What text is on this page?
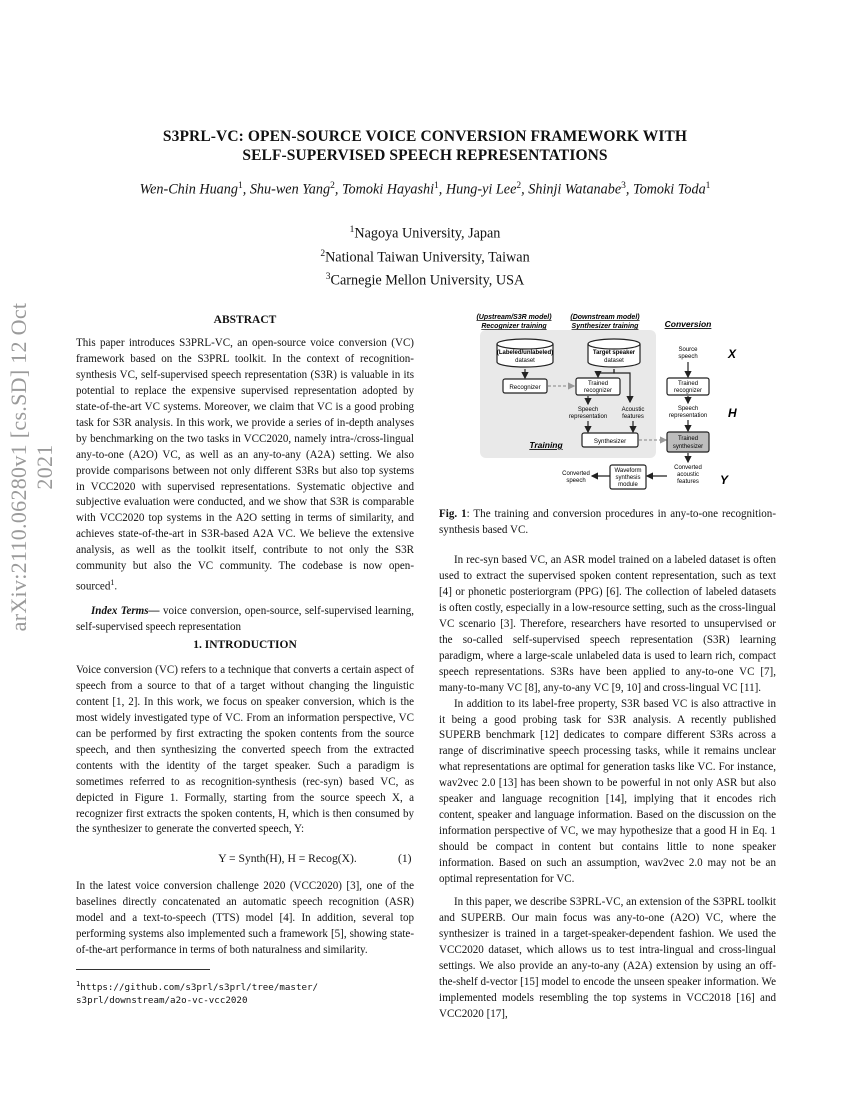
arXiv:2110.06280v1 [cs.SD] 12 Oct 2021
S3PRL-VC: OPEN-SOURCE VOICE CONVERSION FRAMEWORK WITH
SELF-SUPERVISED SPEECH REPRESENTATIONS
Wen-Chin Huang$^1$, Shu-wen Yang$^2$, Tomoki Hayashi$^1$, Hung-yi Lee$^2$, Shinji Watanabe$^3$, Tomoki Toda$^1$
$^1$Nagoya University, Japan
$^2$National Taiwan University, Taiwan
$^3$Carnegie Mellon University, USA
ABSTRACT

This paper introduces S3PRL-VC, an open-source voice conversion (VC) framework based on the S3PRL toolkit. In the context of recognition-synthesis VC, self-supervised speech representation (S3R) is valuable in its potential to replace the expensive supervised representation adopted by state-of-the-art VC systems. Moreover, we claim that VC is a good probing task for S3R analysis. In this work, we provide a series of in-depth analyses by benchmarking on the two tasks in VCC2020, namely intra-/cross-lingual any-to-one (A2O) VC, as well as an any-to-any (A2A) setting. We also provide comparisons between not only different S3Rs but also top systems in VCC2020 with supervised representations. Systematic objective and subjective evaluation were conducted, and we show that S3R is comparable with VCC2020 top systems in the A2O setting in terms of similarity, and achieves state-of-the-art in S3R-based A2A VC. We believe the extensive analysis, as well as the toolkit itself, contribute to not only the S3R community but also the VC community. The codebase is now open-sourced$^1$.

Index Terms— voice conversion, open-source, self-supervised learning, self-supervised speech representation

1. INTRODUCTION

Voice conversion (VC) refers to a technique that converts a certain aspect of speech from a source to that of a target without changing the linguistic content [1, 2]. In this work, we focus on speaker conversion, which is the most widely investigated type of VC. From an information perspective, VC can be performed by first extracting the spoken contents from the source speech, and then synthesizing the converted speech from the extracted contents with the identity of the target speaker. Such a paradigm is sometimes referred to as recognition-synthesis (rec-syn) based VC, as depicted in Figure 1. Formally, starting from the source speech X, a recognizer first extracts the spoken contents, H, which is then consumed by the synthesizer to generate the converted speech, Y:

Y = Synth(H), H = Recog(X).	(1)

In the latest voice conversion challenge 2020 (VCC2020) [3], one of the baselines directly concatenated an automatic speech recognition (ASR) model and a text-to-speech (TTS) model [4]. In addition, several top performing systems also implemented such a framework [5], showing state-of-the-art performance in terms of both naturalness and similarity.

$^1$https://github.com/s3prl/s3prl/tree/master/
s3prl/downstream/a2o-vc-vcc2020
(Upstream/S3R model)
Recognizer training
(Downstream model)
Synthesizer training	Conversion
(Labeled/unlabeled)
dataset
Recognizer
Target speaker
dataset
Trained
recognizer
Speech
representation
Acoustic
features
Synthesizer
Training
Source
speech	X
Trained
recognizer
Speech
representation H
Trained
synthesizer
Converted
acoustic
features Y
Waveform
synthesis
module
Converted
speech
Fig. 1: The training and conversion procedures in any-to-one recognition-synthesis based VC.

In rec-syn based VC, an ASR model trained on a labeled dataset is often used to extract the supervised spoken content representation, such as text [4] or phonetic posteriorgram (PPG) [6]. The collection of labeled datasets is often costly, especially in a low-resource setting, such as the cross-lingual VC scenario [3]. Therefore, researchers have resorted to unsupervised or the so-called self-supervised speech representation (S3R) learning paradigm, where a large-scale unlabeled data is used to learn rich, compact speech representations. S3Rs have been applied to any-to-one VC [7], many-to-many VC [8], any-to-any VC [9, 10] and cross-lingual VC [11].

In addition to its label-free property, S3R based VC is also attractive in it being a good probing task for S3R analysis. A recently published SUPERB benchmark [12] dedicates to compare different S3Rs across a range of discriminative speech processing tasks, while it remains unclear what representations are optimal for generation tasks like VC. For instance, wav2vec 2.0 [13] has been shown to be powerful in not only ASR but also speaker and language recognition [14], implying that it encodes rich content, speaker and language information. Based on the discussion on the information perspective of VC, we may hypothesize that a good H in Eq. 1 should be compact in content but contains little to none speaker information. Based on such an assumption, wav2vec 2.0 may not be an optimal representation for VC.

In this paper, we describe S3PRL-VC, an extension of the S3PRL toolkit and SUPERB. Our main focus was any-to-one (A2O) VC, where the synthesizer is trained in a target-speaker-dependent fashion. We used the VCC2020 dataset, which allows us to test intra-lingual and cross-lingual settings. We also provide an any-to-any (A2A) extension by using an off-the-shelf d-vector [15] model to encode the unseen speaker information. We implemented models resembling the top systems in VCC2018 [16] and VCC2020 [17],
